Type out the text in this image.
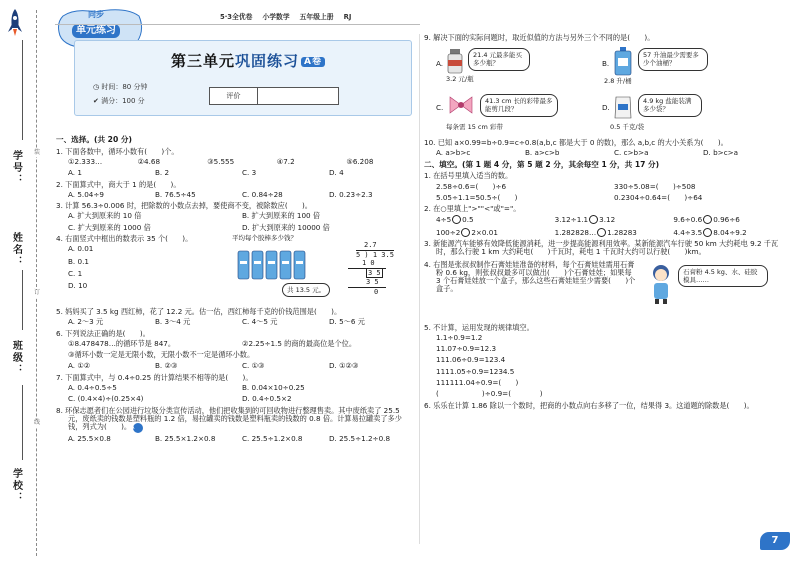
学号：
姓名：
班级：
学校：
装
订
线
同步
单元练习
5·3全优卷 小学数学 五年级上册 RJ
第三单元巩固练习 A卷
◷ 时间：80 分钟
✔ 满分：100 分
评价
一、选择。(共 20 分)
1. 下面各数中，循环小数有(　　)个。
①2.333…	②4.68	③5.555	④7.2̇	⑤6.2̇0̇8̇
A. 1	B. 2	C. 3	D. 4
2. 下面算式中，商大于 1 的是(　　)。
A. 5.04÷9	B. 76.5÷45	C. 0.84÷28	D. 0.23÷2.3
3. 计算 56.3÷0.006 时，把除数的小数点去掉，要使商不变，被除数应(　　)。
A. 扩大到原来的 10 倍	B. 扩大到原来的 100 倍
C. 扩大到原来的 1000 倍	D. 扩大到原来的 10000 倍
4. 右面竖式中框出的数表示 35 个(　　)。
A. 0.01
B. 0.1
C. 1
D. 10
平均每个胶棒多少钱？
共 13.5 元。
2.7
5 ) 1 3.5
1 0
3 5
3 5
0
5. 妈妈买了 3.5 kg 西红柿，花了 12.2 元。估一估，西红柿每千克的价钱范围是(　　)。
A. 2～3 元	B. 3～4 元	C. 4～5 元	D. 5～6 元
6. 下列说法正确的是(　　)。
①8.478478…的循环节是 847。	②2.25÷1.5 的商的最高位是个位。
③循环小数一定是无限小数，无限小数不一定是循环小数。
A. ①②	B. ②③	C. ①③	D. ①②③
7. 下面算式中，与 0.4÷0.25 的计算结果不相等的是(　　)。
A. 0.4÷0.5÷5	B. 0.04×10÷0.25
C. (0.4×4)÷(0.25×4)	D. 0.4÷0.5×2
8. 环保志愿者们在公园进行垃圾分类宣传活动，他们把收集到的可回收物进行整理售卖。其中废纸卖了 25.5 元，废纸卖的钱数是塑料瓶的 1.2 倍，易拉罐卖的钱数是塑料瓶卖的钱数的 0.8 倍。计算易拉罐卖了多少钱，列式为(　　)。 A
A. 25.5×0.8	B. 25.5×1.2×0.8	C. 25.5÷1.2×0.8	D. 25.5÷1.2÷0.8
9. 解决下面的实际问题时，取近似值的方法与另外三个不同的是(　　)。
A.
21.4 元最多能买多少瓶？
3.2 元/瓶
B.
57 升油最少需要多少个油桶？
2.8 升/桶
C.
41.3 cm 长的彩带最多能剪几段？
每条需 15 cm 彩带
D.
4.9 kg 盐能装满多少袋？
0.5 千克/袋
10. 已知 a×0.99=b÷0.9=c÷0.8(a,b,c 都是大于 0 的数)，那么 a,b,c 的大小关系为(　　)。
A. a>b>c	B. a>c>b	C. c>b>a	D. b>c>a
二、填空。(第 1 题 4 分，第 5 题 2 分，其余每空 1 分，共 17 分)
1. 在括号里填入适当的数。
2.58÷0.6=(　　)÷6	330÷5.08=(　　)÷508
5.05÷1.1=50.5÷(　　)	0.2304÷0.64=(　　)÷64
2. 在○里填上">""<"或"="。
4÷5 0.5	3.12÷1.1 3.12	9.6÷0.6 0.96÷6
100÷2 2×0.01	1.282828… 1.28283	4.4÷3.5 8.04÷9.2
3. 新能源汽车能够有效降低能源消耗，进一步提高能源利用效率。某新能源汽车行驶 50 km 大约耗电 9.2 千瓦时，那么行驶 1 km 大约耗电(　　)千瓦时，耗电 1 千瓦时大约可以行驶(　　)km。
4. 右图是张叔叔制作石膏娃娃准备的材料，每个石膏娃娃需用石膏粉 0.6 kg，则张叔叔最多可以做出(　　)个石膏娃娃；如果每 3 个石膏娃娃放一个盒子，那么这些石膏娃娃至少需要(　　)个盒子。
石膏粉 4.5 kg、水、硅胶模具……
5. 不计算，运用发现的规律填空。
1.1÷0.9=1.2
11.07÷0.9=12.3
111.06÷0.9=123.4
1111.05÷0.9=1234.5
111111.04÷0.9=(　　)
(　　　　　　)÷0.9=(　　　　)
6. 乐乐在计算 1.86 除以一个数时，把商的小数点向右多移了一位，结果得 3。这道题的除数是(　　)。
7
